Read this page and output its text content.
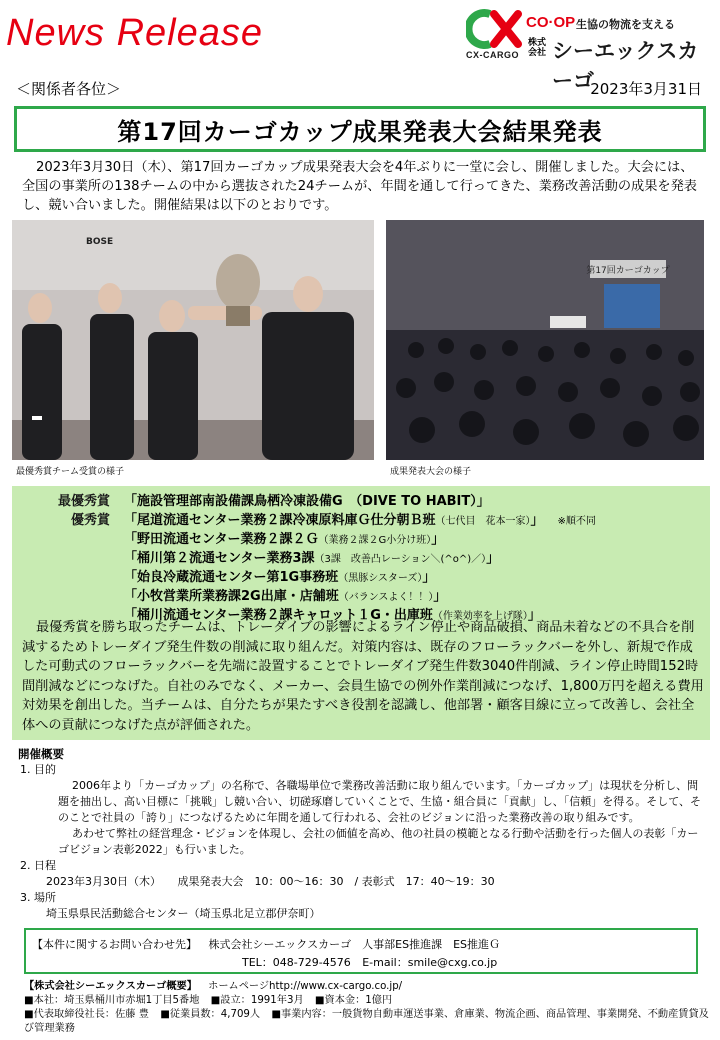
News Release
CX-CARGO
CO·OP 生協の物流を支える
株式会社 シーエックスカーゴ
＜関係者各位＞	2023年3月31日
第17回カーゴカップ成果発表大会結果発表

2023年3月30日（木）、第17回カーゴカップ成果発表大会を4年ぶりに一堂に会し、開催しました。大会には、全国の事業所の138チームの中から選抜された24チームが、年間を通して行ってきた、業務改善活動の成果を発表し、競い合いました。開催結果は以下のとおりです。

BOSE
第17回カーゴカップ
最優秀賞チーム受賞の様子	成果発表大会の様子
最優秀賞 「施設管理部南設備課鳥栖冷凍設備G　（DIVE TO HABIT）」
優秀賞 「尾道流通センター業務２課冷凍原料庫Ｇ仕分朝Ｂ班（七代目　花本一家）」 ※順不同
「野田流通センター業務２課２Ｇ（業務２課２G小分け班）」
「桶川第２流通センター業務3課（3課　改善凸レーション＼(^o^)／）」
「始良冷蔵流通センター第1G事務班（黒豚シスターズ）」
「小牧営業所業務課2G出庫・店舗班（バランスよく！！）」
「桶川流通センター業務２課キャロット１G・出庫班（作業効率を上げ隊）」

最優秀賞を勝ち取ったチームは、トレーダイブの影響によるライン停止や商品破損、商品未着などの不具合を削減するためトレーダイブ発生件数の削減に取り組んだ。対策内容は、既存のフローラックバーを外し、新規で作成した可動式のフローラックバーを先端に設置することでトレーダイブ発生件数3040件削減、ライン停止時間152時間削減などにつなげた。自社のみでなく、メーカー、会員生協での例外作業削減につなげ、1,800万円を超える費用対効果を創出した。当チームは、自分たちが果たすべき役割を認識し、他部署・顧客目線に立って改善し、会社全体への貢献につなげた点が評価された。

開催概要
1. 目的
2006年より「カーゴカップ」の名称で、各職場単位で業務改善活動に取り組んでいます。「カーゴカップ」は現状を分析し、問題を抽出し、高い目標に「挑戦」し競い合い、切磋琢磨していくことで、生協・組合員に「貢献」し、「信頼」を得る。そして、そのことで社員の「誇り」につなげるために年間を通して行われる、会社のビジョンに沿った業務改善の取り組みです。
あわせて弊社の経営理念・ビジョンを体現し、会社の価値を高め、他の社員の模範となる行動や活動を行った個人の表彰「カーゴビジョン表彰2022」も行いました。
2. 日程
2023年3月30日（木）　　成果発表大会　10：00～16：30　/ 表彰式　17：40～19：30
3. 場所
埼玉県県民活動総合センター（埼玉県北足立郡伊奈町）
【本件に関するお問い合わせ先】 株式会社シーエックスカーゴ　人事部ES推進課　ES推進Ｇ
TEL：048-729-4576 E-mail：smile@cxg.co.jp
【株式会社シーエックスカーゴ概要】 ホームページhttp://www.cx-cargo.co.jp/
■本社：埼玉県桶川市赤堀1丁目5番地 ■設立：1991年3月 ■資本金：1億円
■代表取締役社長：佐藤 豊 ■従業員数：4,709人 ■事業内容：一般貨物自動車運送事業、倉庫業、物流企画、商品管理、事業開発、不動産賃貸及び管理業務
